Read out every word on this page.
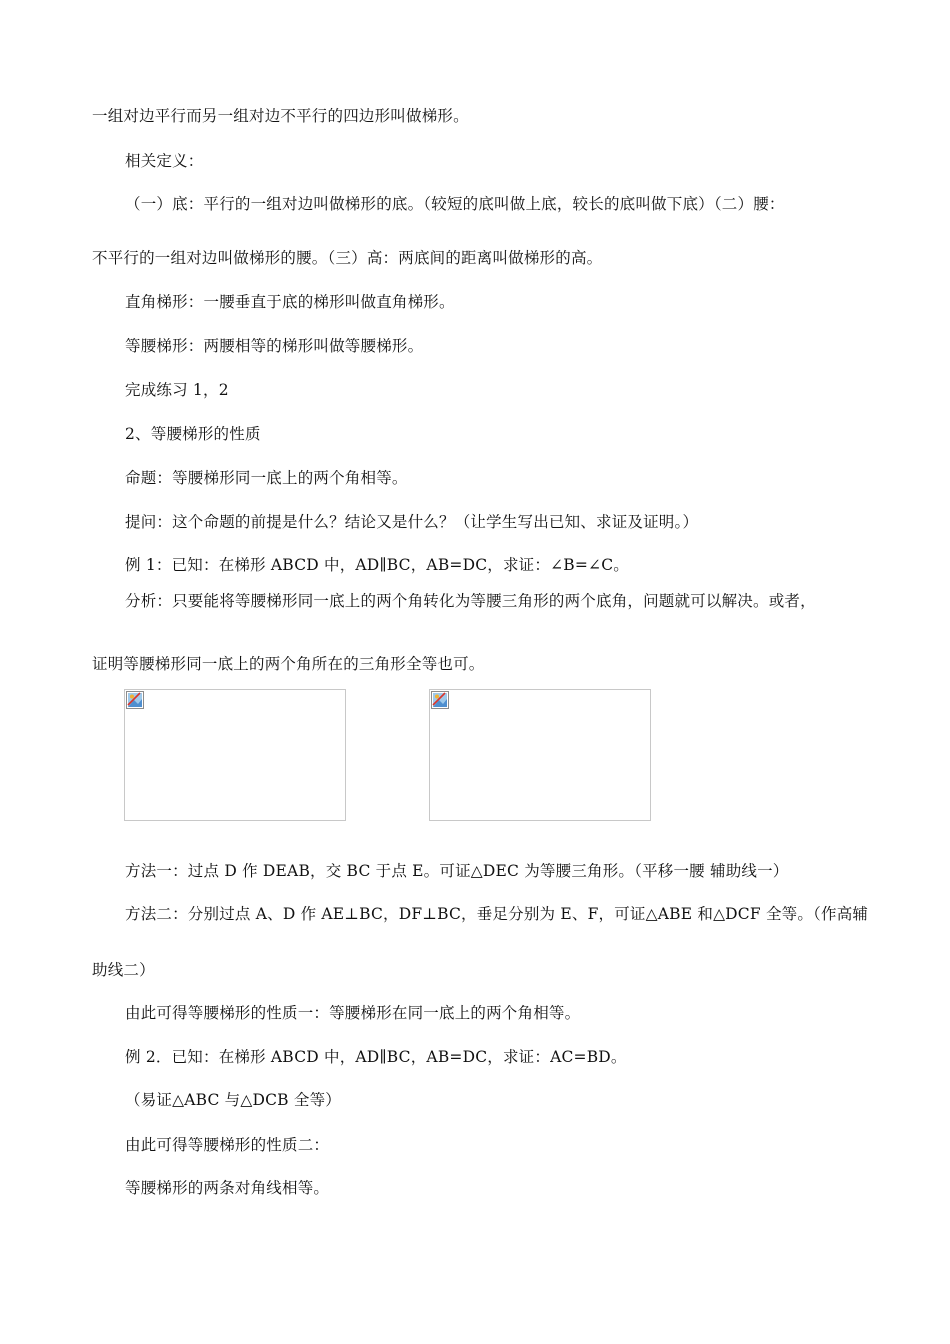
一组对边平行而另一组对边不平行的四边形叫做梯形。
相关定义：
（一）底：平行的一组对边叫做梯形的底。（较短的底叫做上底，较长的底叫做下底）（二）腰：
不平行的一组对边叫做梯形的腰。（三）高：两底间的距离叫做梯形的高。
直角梯形：一腰垂直于底的梯形叫做直角梯形。
等腰梯形：两腰相等的梯形叫做等腰梯形。
完成练习 1，2
2、等腰梯形的性质
命题：等腰梯形同一底上的两个角相等。
提问：这个命题的前提是什么？结论又是什么？（让学生写出已知、求证及证明。）
例 1：已知：在梯形 ABCD 中，AD∥BC，AB=DC，求证：∠B=∠C。
分析：只要能将等腰梯形同一底上的两个角转化为等腰三角形的两个底角，问题就可以解决。或者，
证明等腰梯形同一底上的两个角所在的三角形全等也可。
方法一：过点 D 作 DEAB，交 BC 于点 E。可证△DEC 为等腰三角形。（平移一腰 辅助线一）
方法二：分别过点 A、D 作 AE⊥BC，DF⊥BC，垂足分别为 E、F，可证△ABE 和△DCF 全等。（作高辅
助线二）
由此可得等腰梯形的性质一：等腰梯形在同一底上的两个角相等。
例 2．已知：在梯形 ABCD 中，AD∥BC，AB=DC，求证：AC=BD。
（易证△ABC 与△DCB 全等）
由此可得等腰梯形的性质二：
等腰梯形的两条对角线相等。
